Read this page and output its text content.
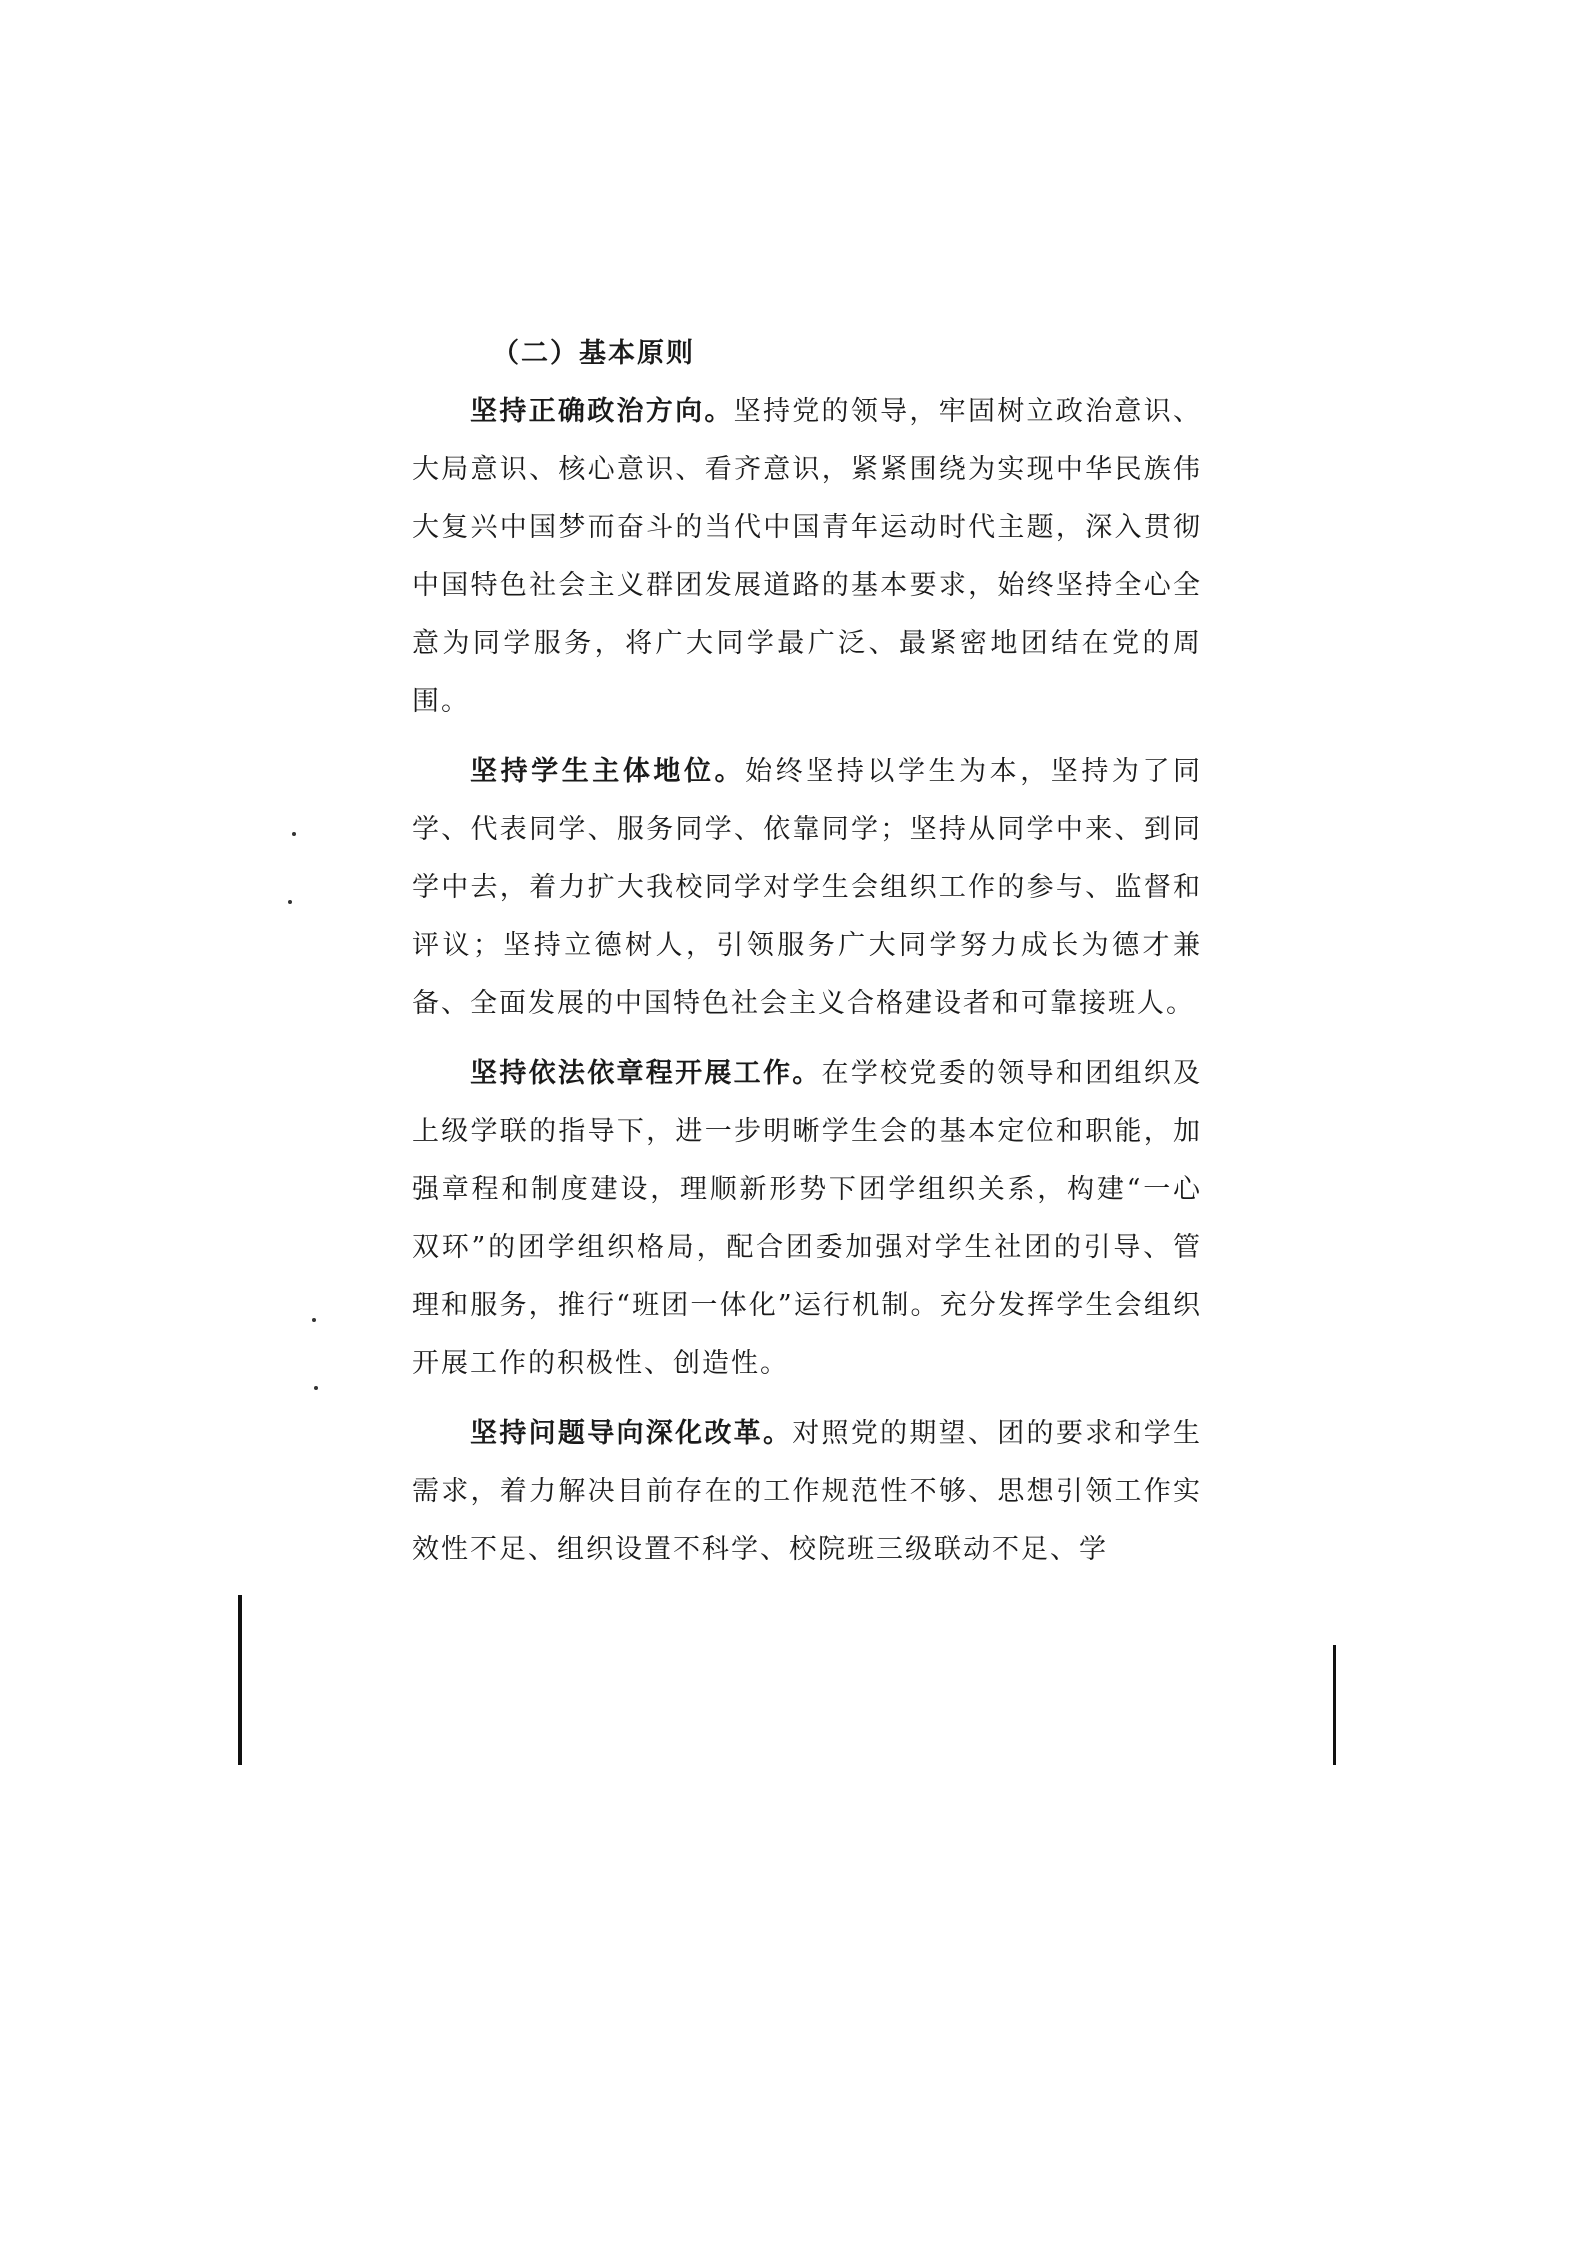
（二）基本原则

坚持正确政治方向。坚持党的领导，牢固树立政治意识、大局意识、核心意识、看齐意识，紧紧围绕为实现中华民族伟大复兴中国梦而奋斗的当代中国青年运动时代主题，深入贯彻中国特色社会主义群团发展道路的基本要求，始终坚持全心全意为同学服务，将广大同学最广泛、最紧密地团结在党的周围。

坚持学生主体地位。始终坚持以学生为本，坚持为了同学、代表同学、服务同学、依靠同学；坚持从同学中来、到同学中去，着力扩大我校同学对学生会组织工作的参与、监督和评议；坚持立德树人，引领服务广大同学努力成长为德才兼备、全面发展的中国特色社会主义合格建设者和可靠接班人。

坚持依法依章程开展工作。在学校党委的领导和团组织及上级学联的指导下，进一步明晰学生会的基本定位和职能，加强章程和制度建设，理顺新形势下团学组织关系，构建“一心双环”的团学组织格局，配合团委加强对学生社团的引导、管理和服务，推行“班团一体化”运行机制。充分发挥学生会组织开展工作的积极性、创造性。

坚持问题导向深化改革。对照党的期望、团的要求和学生需求，着力解决目前存在的工作规范性不够、思想引领工作实效性不足、组织设置不科学、校院班三级联动不足、学
